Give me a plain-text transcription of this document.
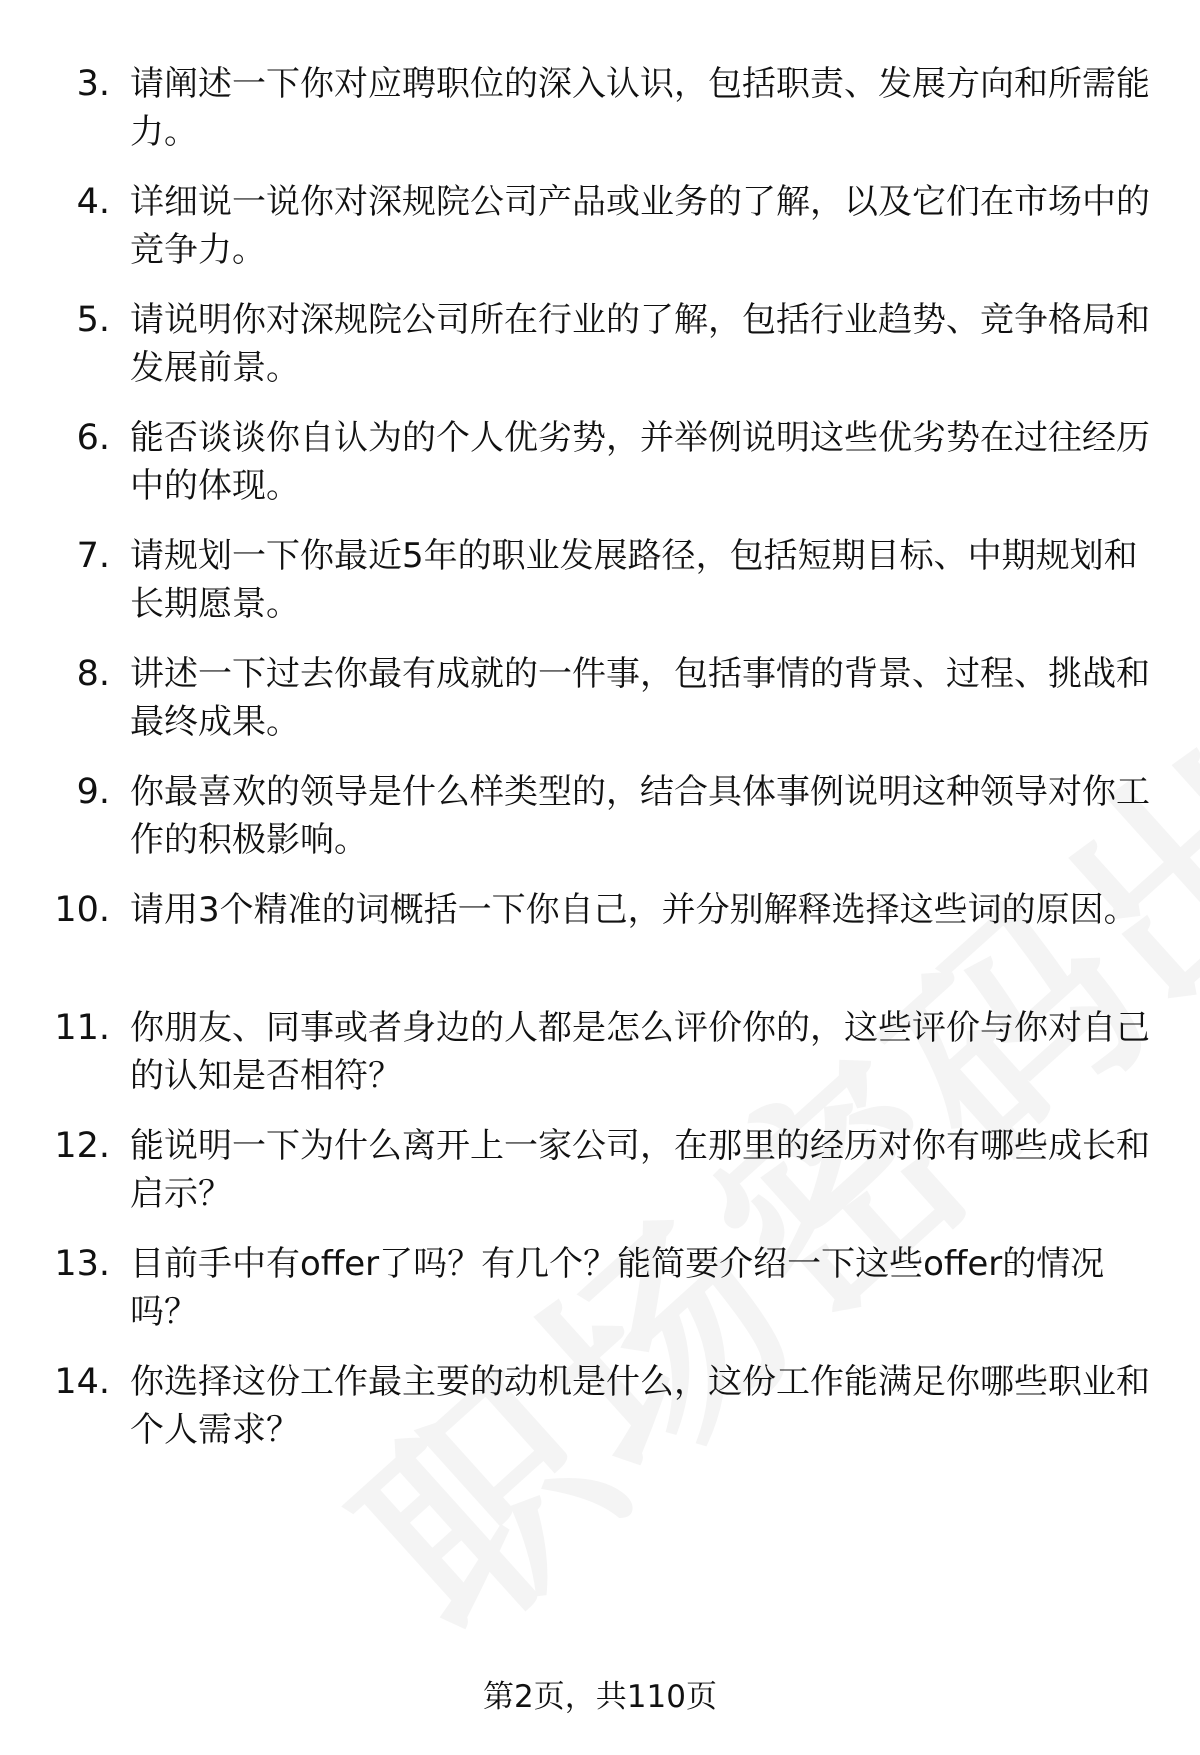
3. 请阐述一下你对应聘职位的深入认识，包括职责、发展方向和所需能力。
4. 详细说一说你对深规院公司产品或业务的了解，以及它们在市场中的竞争力。
5. 请说明你对深规院公司所在行业的了解，包括行业趋势、竞争格局和发展前景。
6. 能否谈谈你自认为的个人优劣势，并举例说明这些优劣势在过往经历中的体现。
7. 请规划一下你最近5年的职业发展路径，包括短期目标、中期规划和长期愿景。
8. 讲述一下过去你最有成就的一件事，包括事情的背景、过程、挑战和最终成果。
9. 你最喜欢的领导是什么样类型的，结合具体事例说明这种领导对你工作的积极影响。
10. 请用3个精准的词概括一下你自己，并分别解释选择这些词的原因。
11. 你朋友、同事或者身边的人都是怎么评价你的，这些评价与你对自己的认知是否相符？
12. 能说明一下为什么离开上一家公司，在那里的经历对你有哪些成长和启示？
13. 目前手中有offer了吗？有几个？能简要介绍一下这些offer的情况吗？
14. 你选择这份工作最主要的动机是什么，这份工作能满足你哪些职业和个人需求？
第2页，共110页
